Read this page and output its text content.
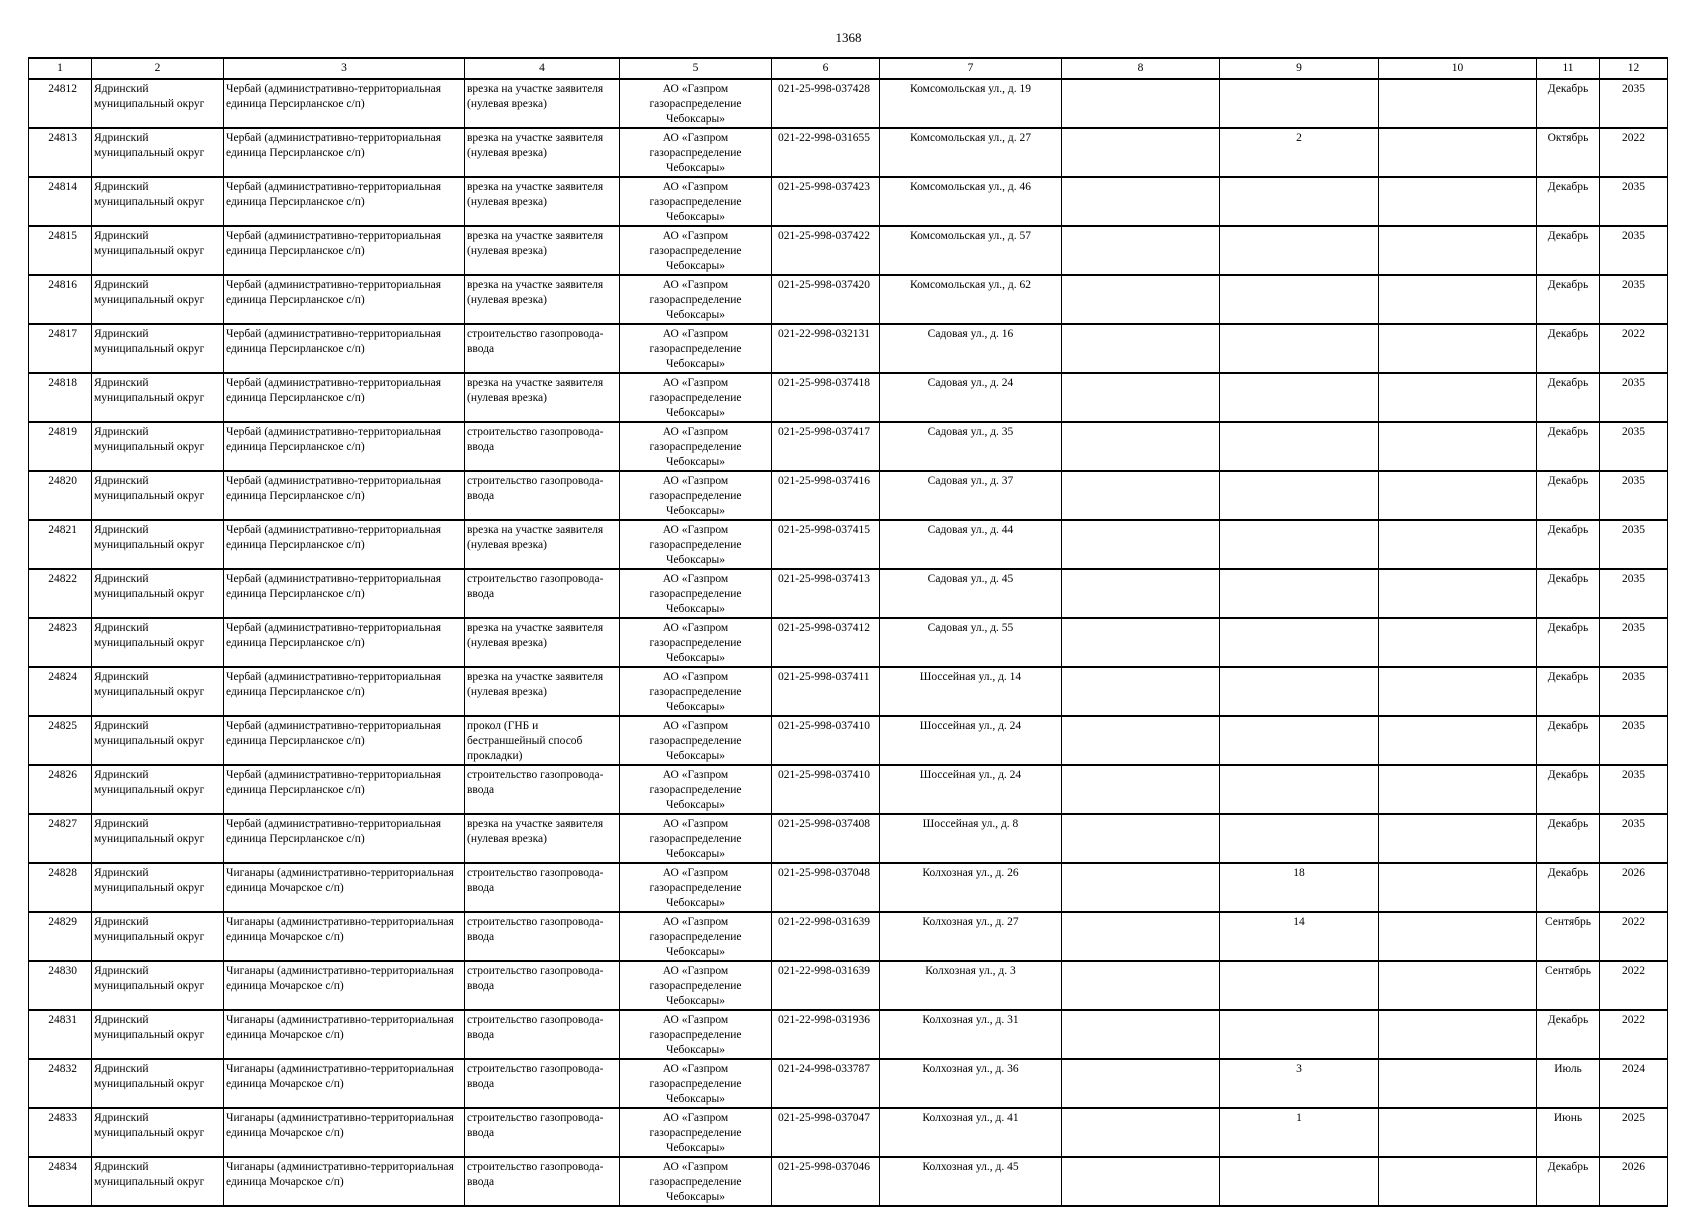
1368
1	2	3	4	5	6	7	8	9	10	11	12
24812	Ядринский муниципальный округ	Чербай (административно-территориальная единица Персирланское с/п)	врезка на участке заявителя (нулевая врезка)	АО «Газпром газораспределение Чебоксары»	021-25-998-037428	Комсомольская ул., д. 19				Декабрь	2035
24813	Ядринский муниципальный округ	Чербай (административно-территориальная единица Персирланское с/п)	врезка на участке заявителя (нулевая врезка)	АО «Газпром газораспределение Чебоксары»	021-22-998-031655	Комсомольская ул., д. 27		2		Октябрь	2022
24814	Ядринский муниципальный округ	Чербай (административно-территориальная единица Персирланское с/п)	врезка на участке заявителя (нулевая врезка)	АО «Газпром газораспределение Чебоксары»	021-25-998-037423	Комсомольская ул., д. 46				Декабрь	2035
24815	Ядринский муниципальный округ	Чербай (административно-территориальная единица Персирланское с/п)	врезка на участке заявителя (нулевая врезка)	АО «Газпром газораспределение Чебоксары»	021-25-998-037422	Комсомольская ул., д. 57				Декабрь	2035
24816	Ядринский муниципальный округ	Чербай (административно-территориальная единица Персирланское с/п)	врезка на участке заявителя (нулевая врезка)	АО «Газпром газораспределение Чебоксары»	021-25-998-037420	Комсомольская ул., д. 62				Декабрь	2035
24817	Ядринский муниципальный округ	Чербай (административно-территориальная единица Персирланское с/п)	строительство газопровода-ввода	АО «Газпром газораспределение Чебоксары»	021-22-998-032131	Садовая ул., д. 16				Декабрь	2022
24818	Ядринский муниципальный округ	Чербай (административно-территориальная единица Персирланское с/п)	врезка на участке заявителя (нулевая врезка)	АО «Газпром газораспределение Чебоксары»	021-25-998-037418	Садовая ул., д. 24				Декабрь	2035
24819	Ядринский муниципальный округ	Чербай (административно-территориальная единица Персирланское с/п)	строительство газопровода-ввода	АО «Газпром газораспределение Чебоксары»	021-25-998-037417	Садовая ул., д. 35				Декабрь	2035
24820	Ядринский муниципальный округ	Чербай (административно-территориальная единица Персирланское с/п)	строительство газопровода-ввода	АО «Газпром газораспределение Чебоксары»	021-25-998-037416	Садовая ул., д. 37				Декабрь	2035
24821	Ядринский муниципальный округ	Чербай (административно-территориальная единица Персирланское с/п)	врезка на участке заявителя (нулевая врезка)	АО «Газпром газораспределение Чебоксары»	021-25-998-037415	Садовая ул., д. 44				Декабрь	2035
24822	Ядринский муниципальный округ	Чербай (административно-территориальная единица Персирланское с/п)	строительство газопровода-ввода	АО «Газпром газораспределение Чебоксары»	021-25-998-037413	Садовая ул., д. 45				Декабрь	2035
24823	Ядринский муниципальный округ	Чербай (административно-территориальная единица Персирланское с/п)	врезка на участке заявителя (нулевая врезка)	АО «Газпром газораспределение Чебоксары»	021-25-998-037412	Садовая ул., д. 55				Декабрь	2035
24824	Ядринский муниципальный округ	Чербай (административно-территориальная единица Персирланское с/п)	врезка на участке заявителя (нулевая врезка)	АО «Газпром газораспределение Чебоксары»	021-25-998-037411	Шоссейная ул., д. 14				Декабрь	2035
24825	Ядринский муниципальный округ	Чербай (административно-территориальная единица Персирланское с/п)	прокол (ГНБ и бестраншейный способ прокладки)	АО «Газпром газораспределение Чебоксары»	021-25-998-037410	Шоссейная ул., д. 24				Декабрь	2035
24826	Ядринский муниципальный округ	Чербай (административно-территориальная единица Персирланское с/п)	строительство газопровода-ввода	АО «Газпром газораспределение Чебоксары»	021-25-998-037410	Шоссейная ул., д. 24				Декабрь	2035
24827	Ядринский муниципальный округ	Чербай (административно-территориальная единица Персирланское с/п)	врезка на участке заявителя (нулевая врезка)	АО «Газпром газораспределение Чебоксары»	021-25-998-037408	Шоссейная ул., д. 8				Декабрь	2035
24828	Ядринский муниципальный округ	Чиганары (административно-территориальная единица Мочарское с/п)	строительство газопровода-ввода	АО «Газпром газораспределение Чебоксары»	021-25-998-037048	Колхозная ул., д. 26		18		Декабрь	2026
24829	Ядринский муниципальный округ	Чиганары (административно-территориальная единица Мочарское с/п)	строительство газопровода-ввода	АО «Газпром газораспределение Чебоксары»	021-22-998-031639	Колхозная ул., д. 27		14		Сентябрь	2022
24830	Ядринский муниципальный округ	Чиганары (административно-территориальная единица Мочарское с/п)	строительство газопровода-ввода	АО «Газпром газораспределение Чебоксары»	021-22-998-031639	Колхозная ул., д. 3				Сентябрь	2022
24831	Ядринский муниципальный округ	Чиганары (административно-территориальная единица Мочарское с/п)	строительство газопровода-ввода	АО «Газпром газораспределение Чебоксары»	021-22-998-031936	Колхозная ул., д. 31				Декабрь	2022
24832	Ядринский муниципальный округ	Чиганары (административно-территориальная единица Мочарское с/п)	строительство газопровода-ввода	АО «Газпром газораспределение Чебоксары»	021-24-998-033787	Колхозная ул., д. 36		3		Июль	2024
24833	Ядринский муниципальный округ	Чиганары (административно-территориальная единица Мочарское с/п)	строительство газопровода-ввода	АО «Газпром газораспределение Чебоксары»	021-25-998-037047	Колхозная ул., д. 41		1		Июнь	2025
24834	Ядринский муниципальный округ	Чиганары (административно-территориальная единица Мочарское с/п)	строительство газопровода-ввода	АО «Газпром газораспределение Чебоксары»	021-25-998-037046	Колхозная ул., д. 45				Декабрь	2026
